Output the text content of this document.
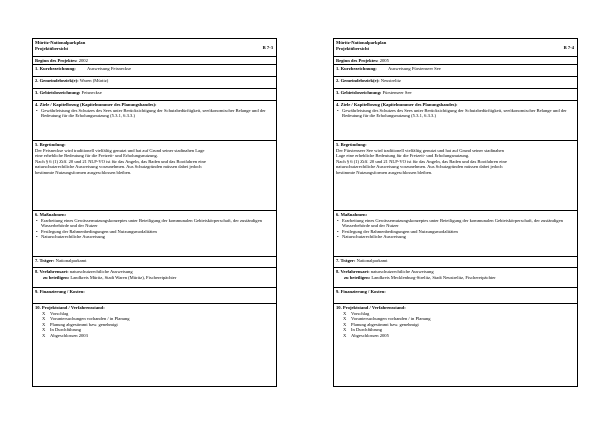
Müritz-Nationalparkplan
Projektübersicht	B 7-3
Beginn des Projektes: 2002
1. Kurzbezeichnung: Ausweisung Feisneckse
2. Gemeindebezirk(e): Waren (Müritz)
3. Gebietsbezeichnung: Feisneckse
4. Ziele / Kapitelbezug (Kapitelnummer des Planungsbandes):
• Gewährleistung des Schutzes des Sees unter Berücksichtigung der Schutzbedürftigkeit, seeökonomischer Belange und der Bedeutung für die Erholungsnutzung (5.3.1, 6.3.3.)
5. Begründung:
Der Feisneckse wird traditionell vielfältig genutzt und hat auf Grund seiner stadtnahen Lage
eine erhebliche Bedeutung für die Freizeit- und Erholungsnutzung.
Nach § 6 (1) Ziff. 20 und 21 NLP-VO ist für das Angeln, das Baden und das Bootfahren eine
naturschutzrechtliche Ausweisung vorzunehmen. Aus Schutzgründen müssen dabei jedoch
bestimmte Nutzungsformen ausgeschlossen bleiben.
6. Maßnahmen:
• Erarbeitung eines Gewässernutzungskonzeptes unter Beteiligung der kommunalen Gebietskörperschaft, der zuständigen Wasserbehörde und der Nutzer
• Festlegung der Rahmenbedingungen und Nutzungsmodalitäten
• Naturschutzrechtliche Ausweisung
7. Träger: Nationalparkamt
8. Verfahrensart: naturschutzrechtliche Ausweisung
zu beteiligen: Landkreis Müritz, Stadt Waren (Müritz), Fischereipächter
9. Finanzierung / Kosten:
10. Projektstand / Verfahrensstand:
X Vorschlag
X Voruntersuchungen vorhanden / in Planung
X Planung abgestimmt bzw. genehmigt
X In Durchführung
X Abgeschlossen 2003
Müritz-Nationalparkplan
Projektübersicht	B 7-4
Beginn des Projektes: 2005
1. Kurzbezeichnung: Ausweisung Fürstenseer See
2. Gemeindebezirk(e): Neustrelitz
3. Gebietsbezeichnung: Fürstenseer See
4. Ziele / Kapitelbezug (Kapitelnummer des Planungsbandes):
• Gewährleistung des Schutzes des Sees unter Berücksichtigung der Schutzbedürftigkeit, seeökonomischer Belange und der Bedeutung für die Erholungsnutzung (5.3.1, 6.3.3.)
5. Begründung:
Der Fürstenseer See wird traditionell vielfältig genutzt und hat auf Grund seiner stadtnahen
Lage eine erhebliche Bedeutung für die Freizeit- und Erholungsnutzung.
Nach § 6 (1) Ziff. 20 und 21 NLP-VO ist für das Angeln, das Baden und das Bootfahren eine
naturschutzrechtliche Ausweisung vorzunehmen. Aus Schutzgründen müssen dabei jedoch
bestimmte Nutzungsformen ausgeschlossen bleiben.
6. Maßnahmen:
• Erarbeitung eines Gewässernutzungskonzeptes unter Beteiligung der kommunalen Gebietskörperschaft, der zuständigen Wasserbehörde und der Nutzer
• Festlegung der Rahmenbedingungen und Nutzungsmodalitäten
• Naturschutzrechtliche Ausweisung
7. Träger: Nationalparkamt
8. Verfahrensart: naturschutzrechtliche Ausweisung
zu beteiligen: Landkreis Mecklenburg-Strelitz, Stadt Neustrelitz, Fischereipächter
9. Finanzierung / Kosten:
10. Projektstand / Verfahrensstand:
X Vorschlag
X Voruntersuchungen vorhanden / in Planung
X Planung abgestimmt bzw. genehmigt
X In Durchführung
X Abgeschlossen 2005
